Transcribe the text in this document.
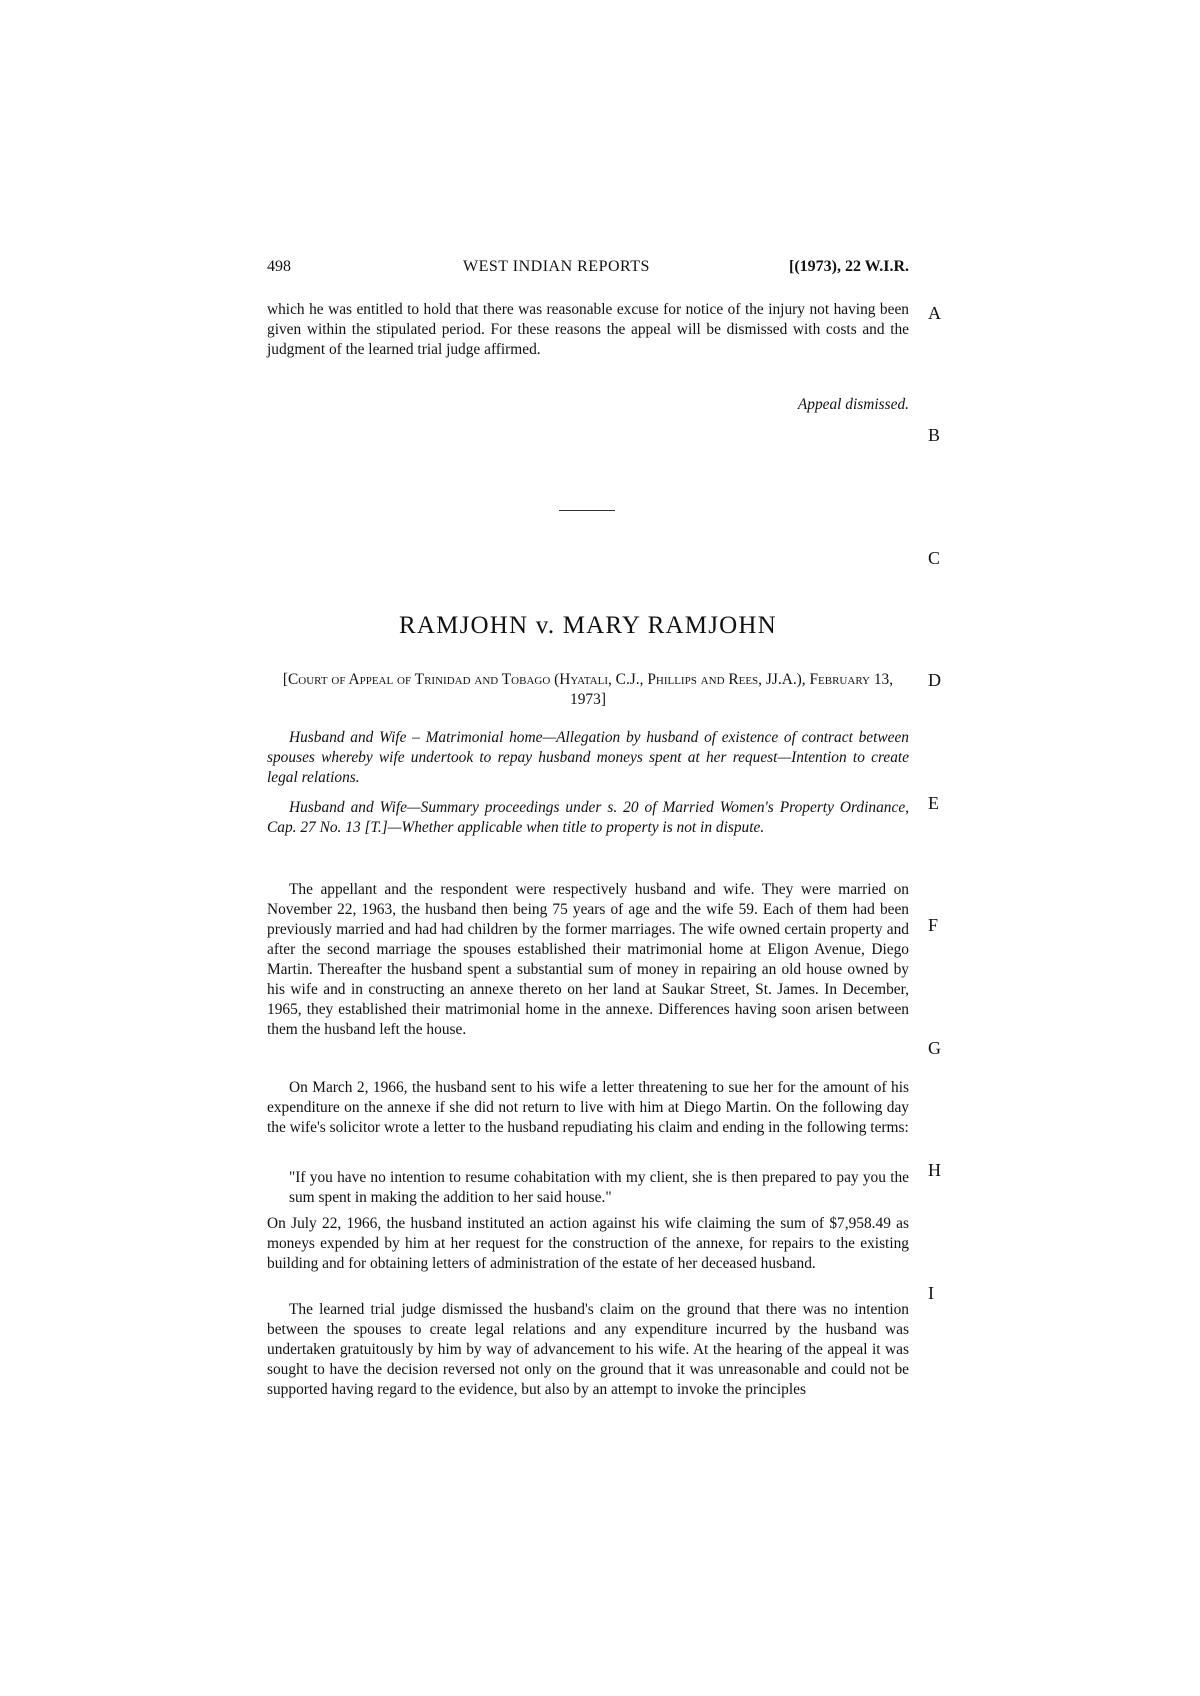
498	WEST INDIAN REPORTS	[(1973), 22 W.I.R.
which he was entitled to hold that there was reasonable excuse for notice of the injury not having been given within the stipulated period. For these reasons the appeal will be dismissed with costs and the judgment of the learned trial judge affirmed.
Appeal dismissed.
RAMJOHN v. MARY RAMJOHN
[Court of Appeal of Trinidad and Tobago (Hyatali, C.J., Phillips and Rees, JJ.A.), February 13, 1973]
Husband and Wife – Matrimonial home—Allegation by husband of existence of contract between spouses whereby wife undertook to repay husband moneys spent at her request—Intention to create legal relations.
Husband and Wife—Summary proceedings under s. 20 of Married Women's Property Ordinance, Cap. 27 No. 13 [T.]—Whether applicable when title to property is not in dispute.
The appellant and the respondent were respectively husband and wife. They were married on November 22, 1963, the husband then being 75 years of age and the wife 59. Each of them had been previously married and had had children by the former marriages. The wife owned certain property and after the second marriage the spouses established their matrimonial home at Eligon Avenue, Diego Martin. Thereafter the husband spent a substantial sum of money in repairing an old house owned by his wife and in constructing an annexe thereto on her land at Saukar Street, St. James. In December, 1965, they established their matrimonial home in the annexe. Differences having soon arisen between them the husband left the house.
On March 2, 1966, the husband sent to his wife a letter threatening to sue her for the amount of his expenditure on the annexe if she did not return to live with him at Diego Martin. On the following day the wife's solicitor wrote a letter to the husband repudiating his claim and ending in the following terms:
"If you have no intention to resume cohabitation with my client, she is then prepared to pay you the sum spent in making the addition to her said house."
On July 22, 1966, the husband instituted an action against his wife claiming the sum of $7,958.49 as moneys expended by him at her request for the construction of the annexe, for repairs to the existing building and for obtaining letters of administration of the estate of her deceased husband.
The learned trial judge dismissed the husband's claim on the ground that there was no intention between the spouses to create legal relations and any expenditure incurred by the husband was undertaken gratuitously by him by way of advancement to his wife. At the hearing of the appeal it was sought to have the decision reversed not only on the ground that it was unreasonable and could not be supported having regard to the evidence, but also by an attempt to invoke the principles
A
B
C
D
E
F
G
H
I
